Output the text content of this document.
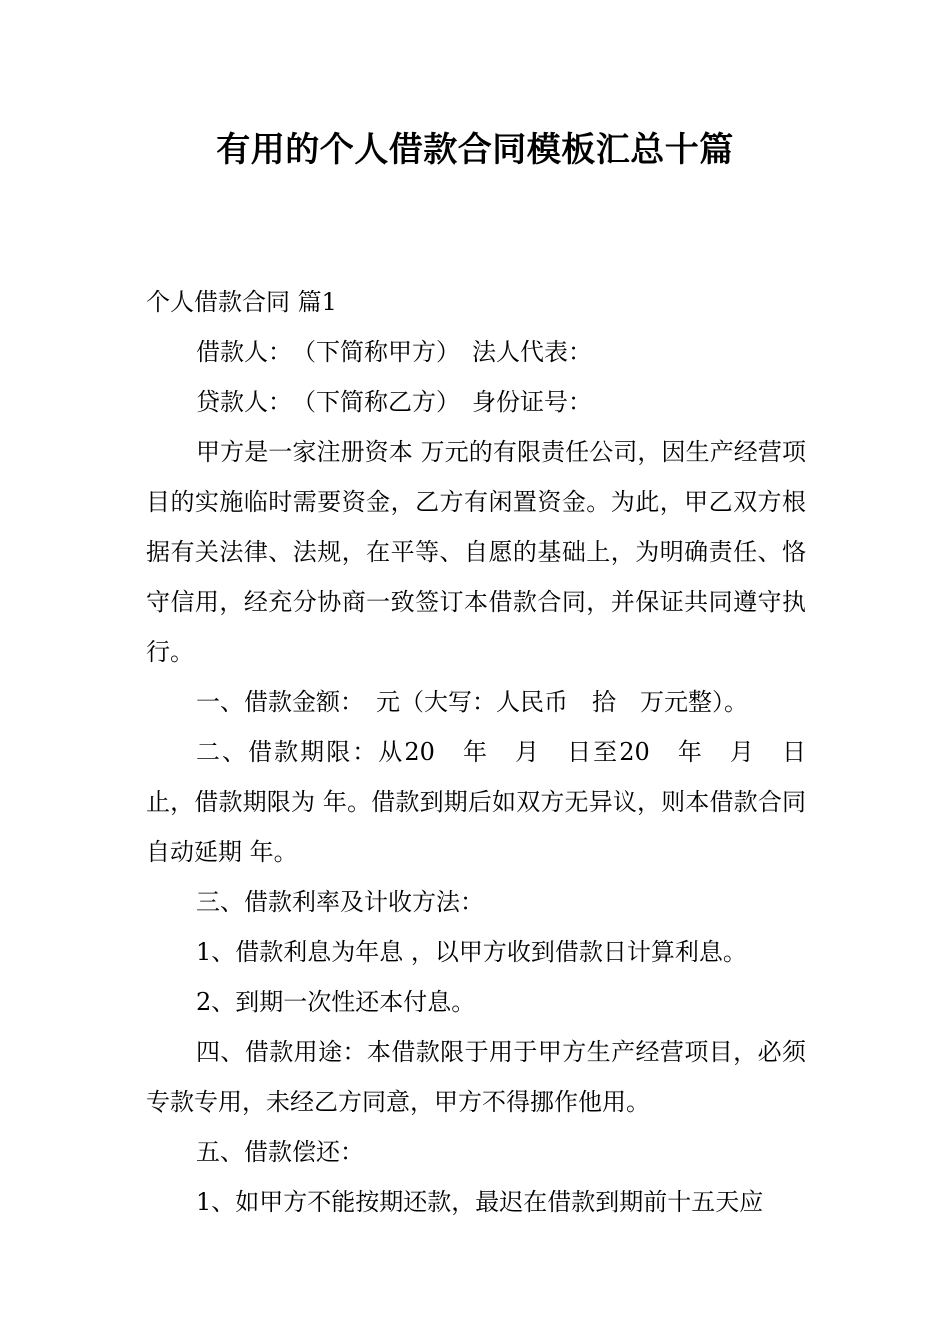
有用的个人借款合同模板汇总十篇

个人借款合同 篇1

借款人：　（下简称甲方）　法人代表：

贷款人：　（下简称乙方）　身份证号：

甲方是一家注册资本 万元的有限责任公司，因生产经营项目的实施临时需要资金，乙方有闲置资金。为此，甲乙双方根据有关法律、法规，在平等、自愿的基础上，为明确责任、恪守信用，经充分协商一致签订本借款合同，并保证共同遵守执行。

一、借款金额：　元（大写：人民币　拾　万元整）。

二、借款期限：从20　年　月　日至20　年　月　日止，借款期限为 年。借款到期后如双方无异议，则本借款合同自动延期 年。

三、借款利率及计收方法：

1、借款利息为年息 ，以甲方收到借款日计算利息。

2、到期一次性还本付息。

四、借款用途：本借款限于用于甲方生产经营项目，必须专款专用，未经乙方同意，甲方不得挪作他用。

五、借款偿还：

1、如甲方不能按期还款，最迟在借款到期前十五天应
